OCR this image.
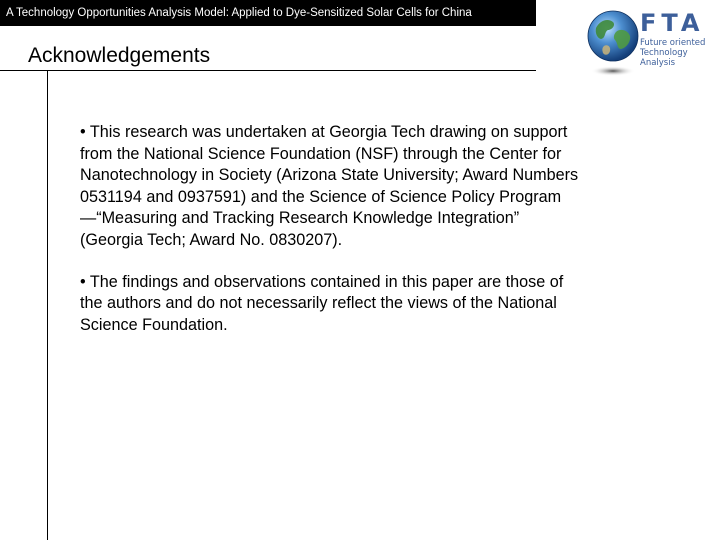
A Technology Opportunities Analysis Model: Applied to Dye-Sensitized Solar Cells for China
Acknowledgements
FTA
Future oriented
Technology
Analysis

• This research was undertaken at Georgia Tech drawing on support from the National Science Foundation (NSF) through the Center for Nanotechnology in Society (Arizona State University; Award Numbers 0531194 and 0937591) and the Science of Science Policy Program—“Measuring and Tracking Research Knowledge Integration” (Georgia Tech; Award No. 0830207).

• The findings and observations contained in this paper are those of the authors and do not necessarily reflect the views of the National Science Foundation.
